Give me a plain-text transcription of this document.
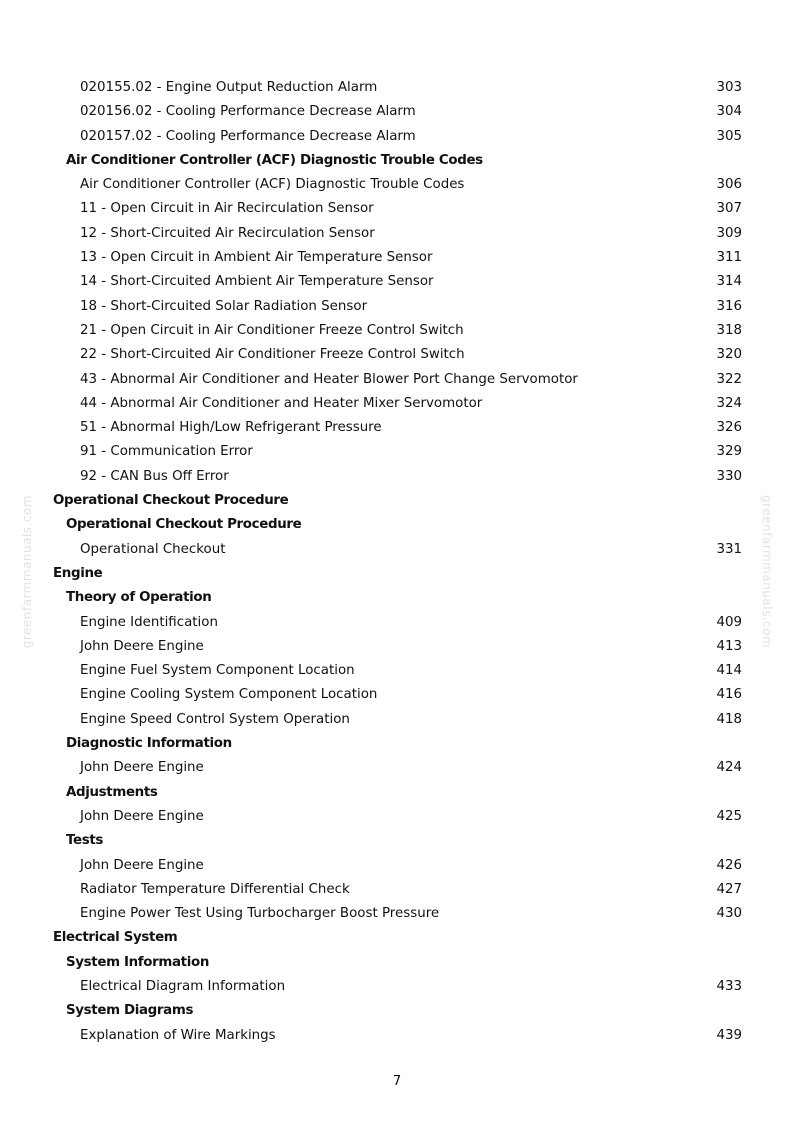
020155.02 - Engine Output Reduction Alarm	303
020156.02 - Cooling Performance Decrease Alarm	304
020157.02 - Cooling Performance Decrease Alarm	305
Air Conditioner Controller (ACF) Diagnostic Trouble Codes
Air Conditioner Controller (ACF) Diagnostic Trouble Codes	306
11 - Open Circuit in Air Recirculation Sensor	307
12 - Short-Circuited Air Recirculation Sensor	309
13 - Open Circuit in Ambient Air Temperature Sensor	311
14 - Short-Circuited Ambient Air Temperature Sensor	314
18 - Short-Circuited Solar Radiation Sensor	316
21 - Open Circuit in Air Conditioner Freeze Control Switch	318
22 - Short-Circuited Air Conditioner Freeze Control Switch	320
43 - Abnormal Air Conditioner and Heater Blower Port Change Servomotor	322
44 - Abnormal Air Conditioner and Heater Mixer Servomotor	324
51 - Abnormal High/Low Refrigerant Pressure	326
91 - Communication Error	329
92 - CAN Bus Off Error	330
Operational Checkout Procedure
Operational Checkout Procedure
Operational Checkout	331
Engine
Theory of Operation
Engine Identification	409
John Deere Engine	413
Engine Fuel System Component Location	414
Engine Cooling System Component Location	416
Engine Speed Control System Operation	418
Diagnostic Information
John Deere Engine	424
Adjustments
John Deere Engine	425
Tests
John Deere Engine	426
Radiator Temperature Differential Check	427
Engine Power Test Using Turbocharger Boost Pressure	430
Electrical System
System Information
Electrical Diagram Information	433
System Diagrams
Explanation of Wire Markings	439
greenfarmmanuals.com	greenfarmmanuals.com
7
